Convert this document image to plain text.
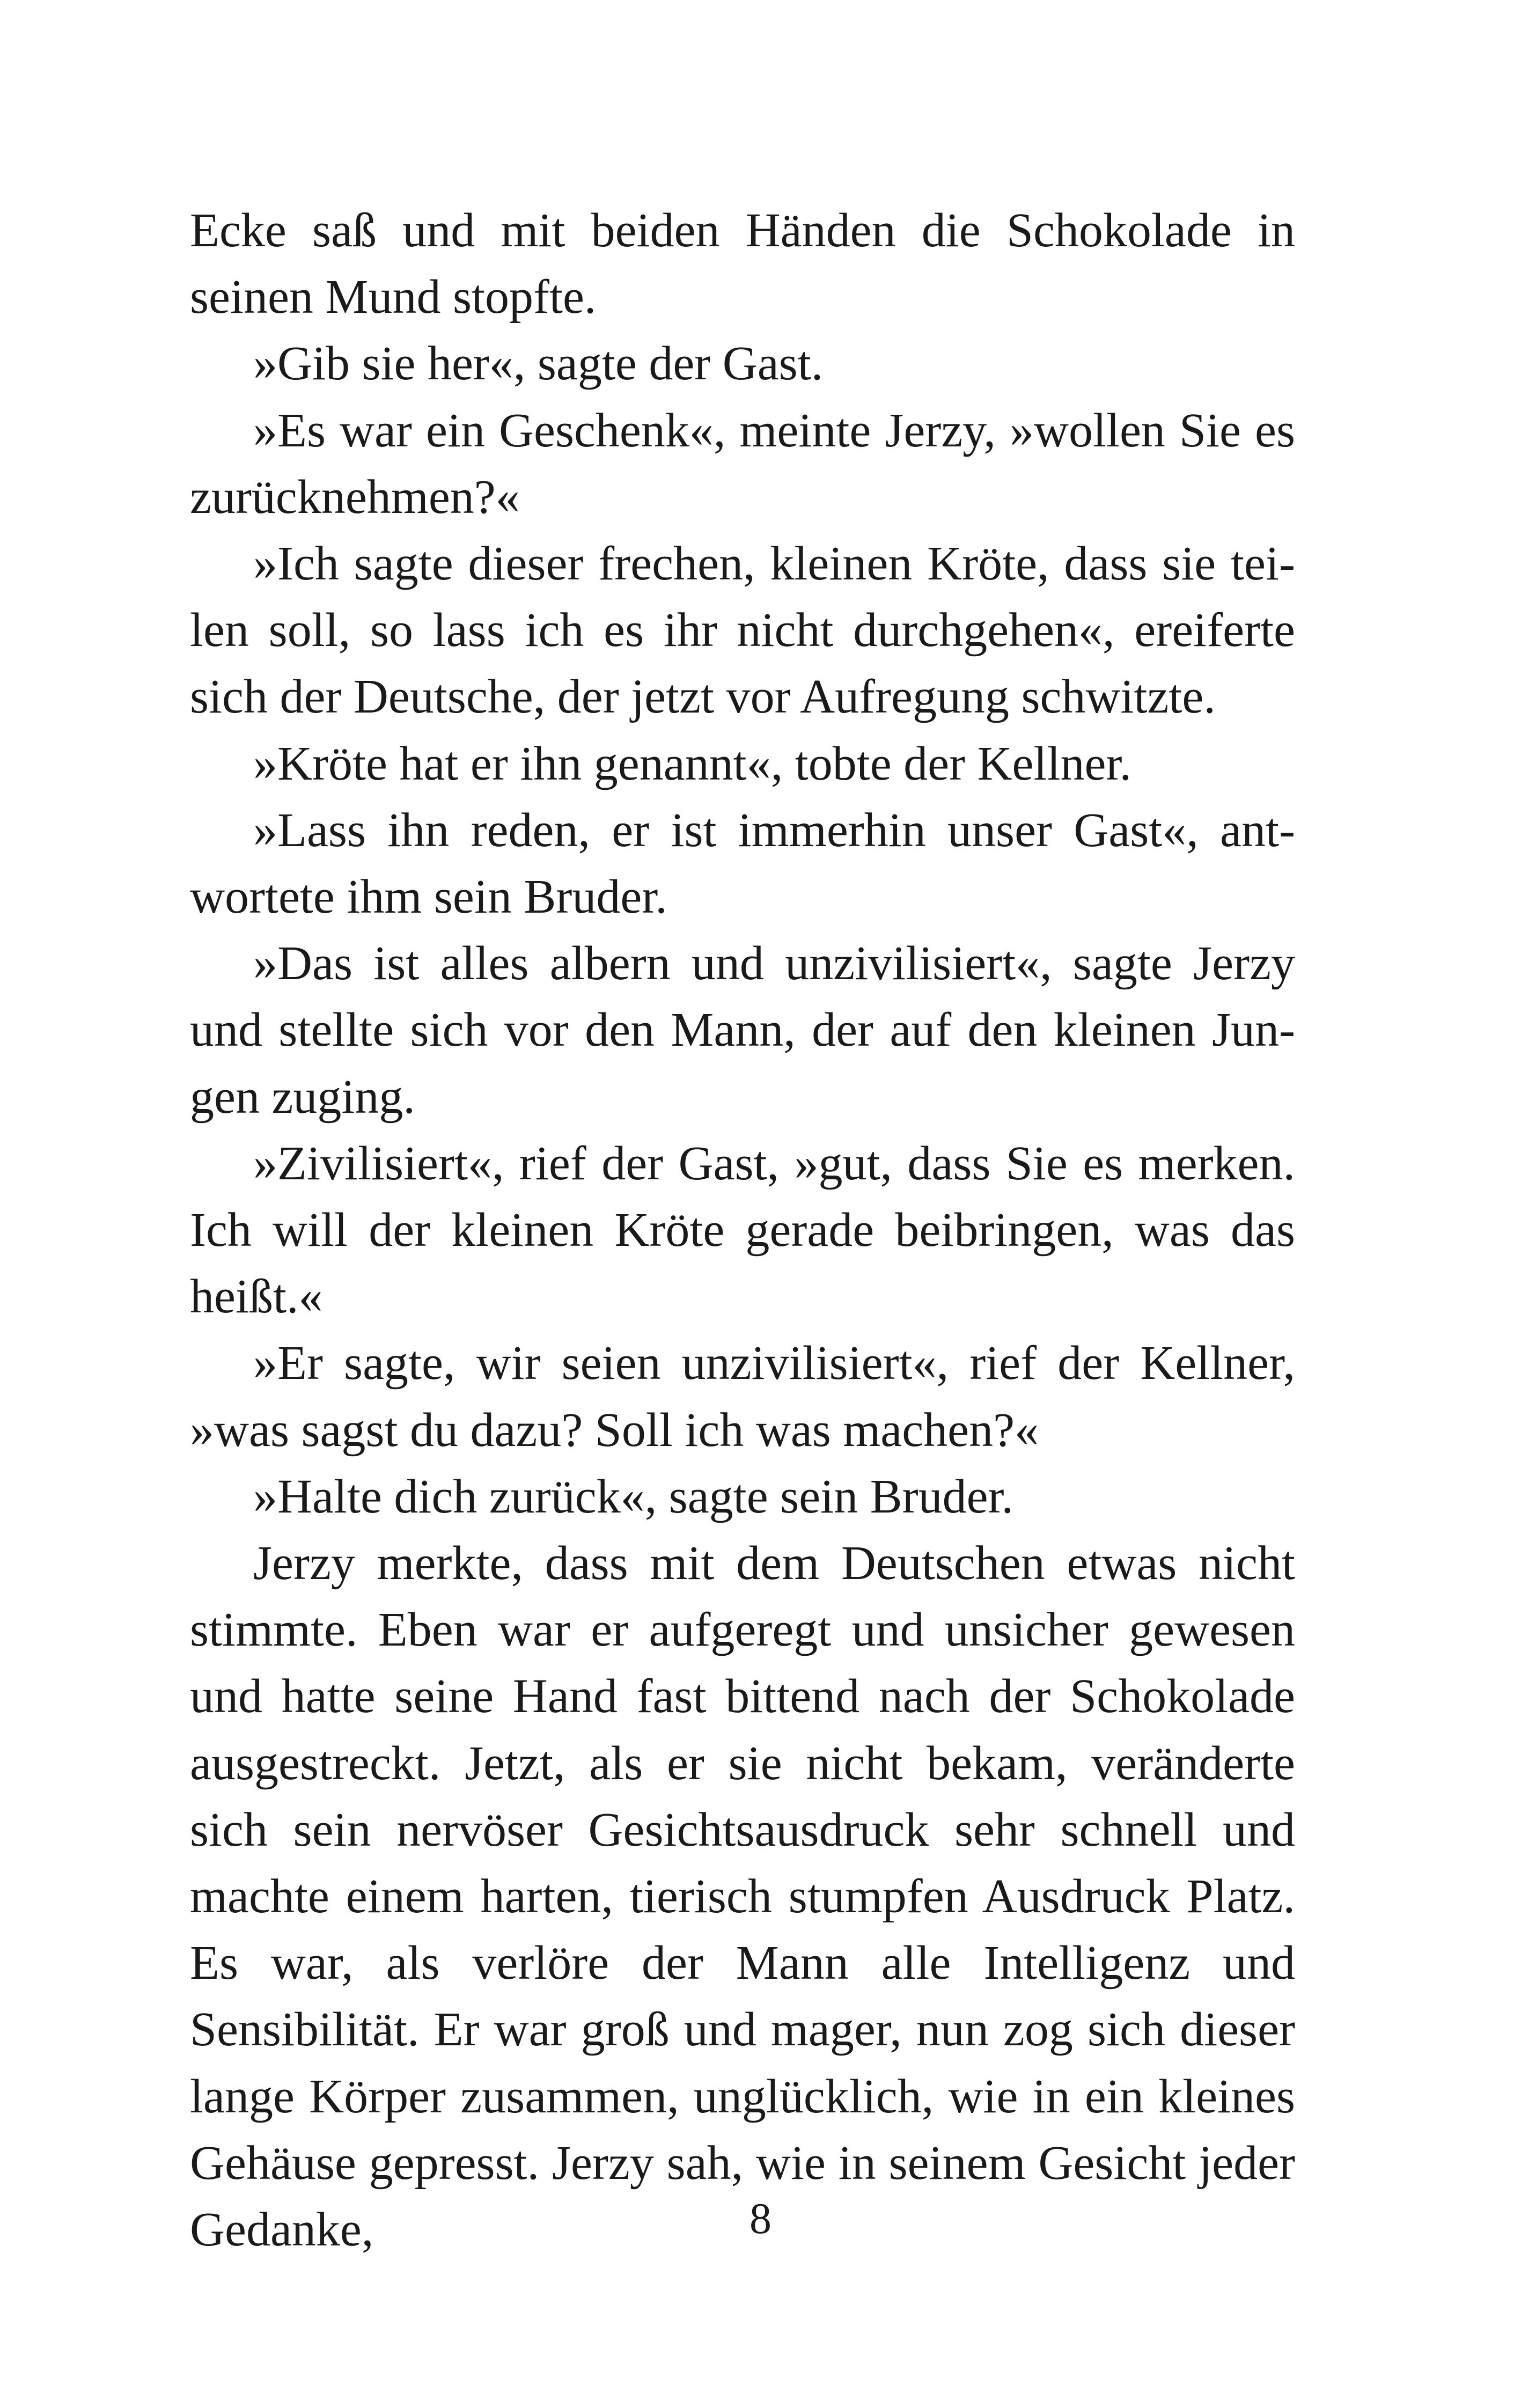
Ecke saß und mit beiden Händen die Schokolade in seinen Mund stopfte.

»Gib sie her«, sagte der Gast.

»Es war ein Geschenk«, meinte Jerzy, »wollen Sie es zurücknehmen?«

»Ich sagte dieser frechen, kleinen Kröte, dass sie teilen soll, so lass ich es ihr nicht durchgehen«, ereiferte sich der Deutsche, der jetzt vor Aufregung schwitzte.

»Kröte hat er ihn genannt«, tobte der Kellner.

»Lass ihn reden, er ist immerhin unser Gast«, antwortete ihm sein Bruder.

»Das ist alles albern und unzivilisiert«, sagte Jerzy und stellte sich vor den Mann, der auf den kleinen Jungen zuging.

»Zivilisiert«, rief der Gast, »gut, dass Sie es merken. Ich will der kleinen Kröte gerade beibringen, was das heißt.«

»Er sagte, wir seien unzivilisiert«, rief der Kellner, »was sagst du dazu? Soll ich was machen?«

»Halte dich zurück«, sagte sein Bruder.

Jerzy merkte, dass mit dem Deutschen etwas nicht stimmte. Eben war er aufgeregt und unsicher gewesen und hatte seine Hand fast bittend nach der Schokolade ausgestreckt. Jetzt, als er sie nicht bekam, veränderte sich sein nervöser Gesichtsausdruck sehr schnell und machte einem harten, tierisch stumpfen Ausdruck Platz. Es war, als verlöre der Mann alle Intelligenz und Sensibilität. Er war groß und mager, nun zog sich dieser lange Körper zusammen, unglücklich, wie in ein kleines Gehäuse gepresst. Jerzy sah, wie in seinem Gesicht jeder Gedanke,	8
